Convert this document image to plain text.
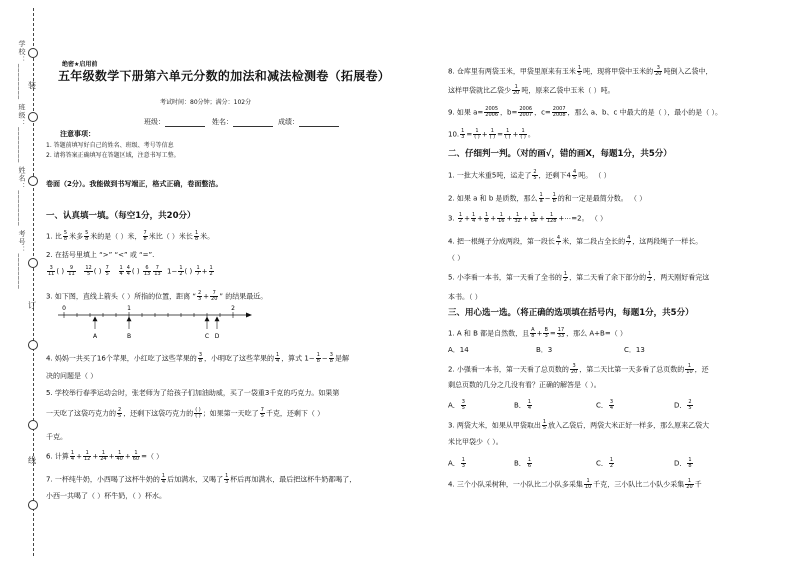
学校：________ 班级：________ 姓名：________ 考号：________ 装
订
线
绝密★启用前
五年级数学下册第六单元分数的加法和减法检测卷（拓展卷）
考试时间：80分钟；满分：102分
班级：	姓名：	成绩：
注意事项：
1. 答题前填写好自己的姓名、班级、考号等信息
2. 请将答案正确填写在答题区域，注意书写工整。
卷面（2分）。我能做到书写端正，格式正确，卷面整洁。
一、认真填一填。（每空1分，共20分）
1. 比 $\frac{5}{8}$ 米多 $\frac{5}{8}$ 米的是（ ）米， $\frac{7}{8}$ 米比（ ）米长 $\frac{1}{8}$ 米。
2. 在括号里填上 “>” “<” 或 “=”.
$\frac{3}{11}$ ( ) $\frac{9}{11}$
$\frac{12}{5}$ ( ) $\frac{7}{5}$
$\frac{1}{4} \frac{4}{4}$ ( ) $\frac{6}{13} \frac{7}{13} 1- \frac{1}{2}$ ( ) $\frac{1}{7} + \frac{1}{2}$
3. 如下图，直线上箭头（ ）所指的位置，距离 “ $\frac{2}{3} + \frac{7}{20}$ ” 的结果最近。
0	1	2
A	B	C D
4. 妈妈一共买了16个苹果，小红吃了这些苹果的 $\frac{3}{8}$ ，小明吃了这些苹果的 $\frac{1}{4}$ ，算式 $1- \frac{1}{8} - \frac{3}{8}$ 是解
决的问题是（ ）
5. 学校举行春季运动会时，张老师为了给孩子们加油助威，买了一袋重3千克的巧克力。如果第
一天吃了这袋巧克力的 $\frac{2}{5}$ ，还剩下这袋巧克力的 ( )
( ) ；如果第一天吃了 $\frac{7}{5}$ 千克，还剩下（ ）
千克。
6. 计算 $\frac{1}{4} + \frac{1}{12} + \frac{1}{24} + \frac{1}{40} + \frac{1}{60}$ =（ ）
7. 一杯纯牛奶，小西喝了这杯牛奶的 $\frac{1}{4}$ 后加满水，又喝了 $\frac{1}{3}$ 杯后再加满水，最后把这杯牛奶都喝了，
小西一共喝了（ ）杯牛奶，（ ）杯水。
8. 仓库里有两袋玉米，甲袋里原来有玉米 $\frac{1}{5}$ 吨，现将甲袋中玉米的 $\frac{3}{20}$ 吨倒入乙袋中，
这样甲袋就比乙袋少 $\frac{1}{20}$ 吨，原来乙袋中玉米（ ）吨。
9. 如果 $a= \frac{2005}{2006}$ ，$b= \frac{2006}{2007}$ ，$c= \frac{2007}{2008}$ ，那么 a、b、c 中最大的是（ ），最小的是（ ）。
10. $\frac{1}{3} = 1$
( ) + 1
( ) = 1
( ) + 1
( ) 。
二、仔细判一判。（对的画√，错的画X，每题1分，共5分）
1. 一批大米重5吨，运走了 $\frac{2}{5}$ ，还剩下$4 \frac{4}{5}$ 吨。 （ ）
2. 如果 a 和 b 是质数，那么 $\frac{1}{a} - \frac{1}{b}$ 的和一定是最简分数。 （ ）
3. $\frac{1}{2} + \frac{1}{4} + \frac{1}{8} + \frac{1}{16} + \frac{1}{32} + \frac{1}{64} + \frac{1}{128}$ +⋯=2。 （ ）
4. 把一根绳子分成两段，第一段长 $\frac{4}{7}$ 米，第二段占全长的 $\frac{4}{7}$ ，这两段绳子一样长。
（ ）
5. 小李看一本书，第一天看了全书的 $\frac{1}{2}$ ，第二天看了余下部分的 $\frac{1}{2}$ ，两天刚好看完这
本书。（ ）
三、用心选一选。（将正确的选项填在括号内，每题1分，共5分）
1. A 和 B 都是自然数，且 $\frac{A}{8} + \frac{B}{3} = \frac{17}{33}$ ，那么 A+B=（ ）
A．14	B．3	C．13
2. 小强看一本书，第一天看了总页数的 $\frac{3}{20}$ ，第二天比第一天多看了总页数的 $\frac{1}{10}$ ，还
剩总页数的几分之几没有看？正确的解答是（ ）。
A． $\frac{3}{5}$	B． $\frac{1}{4}$	C． $\frac{3}{4}$	D． $\frac{2}{5}$
3. 两袋大米，如果从甲袋取出 $\frac{1}{5}$ 放入乙袋后，两袋大米正好一样多，那么原来乙袋大
米比甲袋少（ ）。
A． $\frac{1}{3}$	B． $\frac{1}{6}$	C． $\frac{1}{2}$	D． $\frac{1}{8}$
4. 三个小队采树种，一小队比二小队多采集 $\frac{1}{10}$ 千克，三小队比二小队少采集 $\frac{1}{20}$ 千
